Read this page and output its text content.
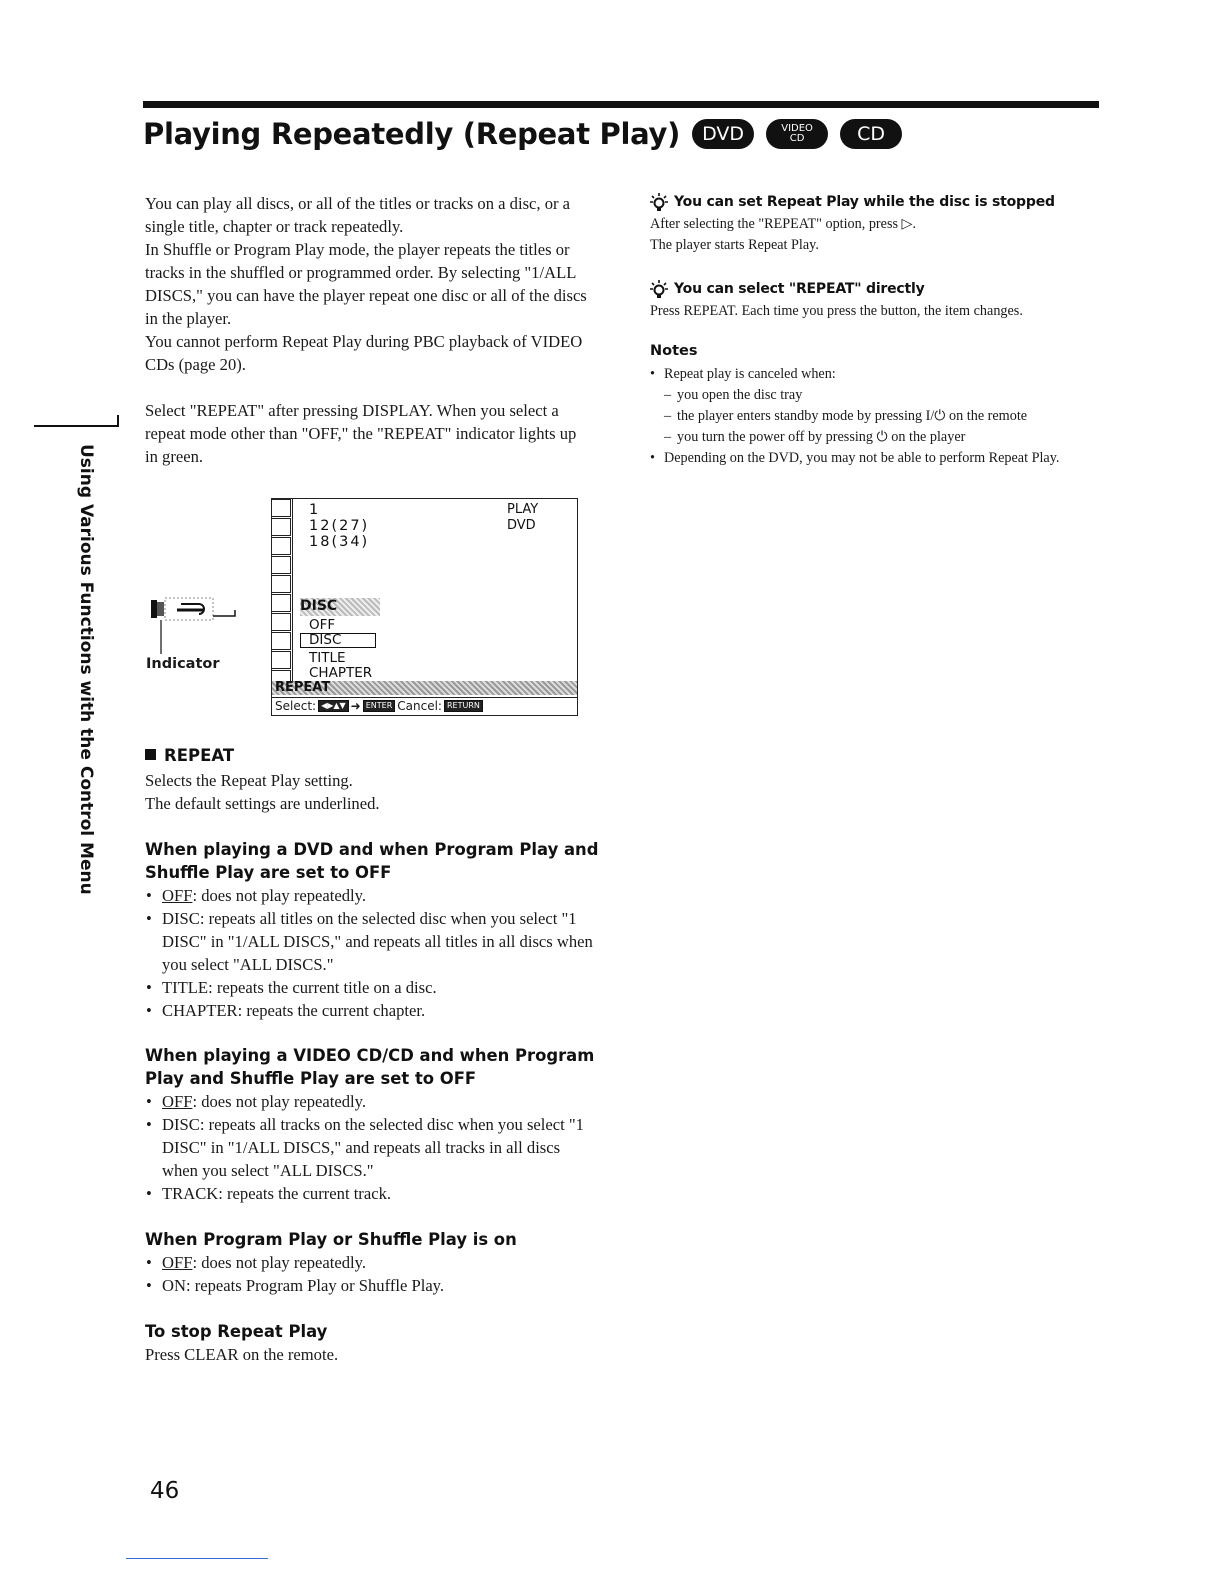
Playing Repeatedly (Repeat Play)	DVD	VIDEO
CD	CD

You can play all discs, or all of the titles or tracks on a disc, or a single title, chapter or track repeatedly.

In Shuffle or Program Play mode, the player repeats the titles or tracks in the shuffled or programmed order. By selecting "1/ALL DISCS," you can have the player repeat one disc or all of the discs in the player.

You cannot perform Repeat Play during PBC playback of VIDEO CDs (page 20).

Using Various Functions with the Control Menu

Select "REPEAT" after pressing DISPLAY. When you select a repeat mode other than "OFF," the "REPEAT" indicator lights up in green.

Indicator
1
12(27)
18(34)
PLAY
DVD
DISC
OFF
DISC
TITLE
CHAPTER
REPEAT
Select: ◀▶▲▼ ➜ ENTER Cancel: RETURN
REPEAT

Selects the Repeat Play setting.

The default settings are underlined.

When playing a DVD and when Program Play and Shuffle Play are set to OFF
• OFF: does not play repeatedly.
• DISC: repeats all titles on the selected disc when you select "1 DISC" in "1/ALL DISCS," and repeats all titles in all discs when you select "ALL DISCS."
• TITLE: repeats the current title on a disc.
• CHAPTER: repeats the current chapter.
When playing a VIDEO CD/CD and when Program Play and Shuffle Play are set to OFF
• OFF: does not play repeatedly.
• DISC: repeats all tracks on the selected disc when you select "1 DISC" in "1/ALL DISCS," and repeats all tracks in all discs when you select "ALL DISCS."
• TRACK: repeats the current track.
When Program Play or Shuffle Play is on
• OFF: does not play repeatedly.
• ON: repeats Program Play or Shuffle Play.
To stop Repeat Play
Press CLEAR on the remote.
You can set Repeat Play while the disc is stopped

After selecting the "REPEAT" option, press ▷.

The player starts Repeat Play.

You can select "REPEAT" directly

Press REPEAT. Each time you press the button, the item changes.

Notes
• Repeat play is canceled when:
– you open the disc tray
– the player enters standby mode by pressing I/⏻ on the remote
– you turn the power off by pressing ⏻ on the player
• Depending on the DVD, you may not be able to perform Repeat Play.
46
